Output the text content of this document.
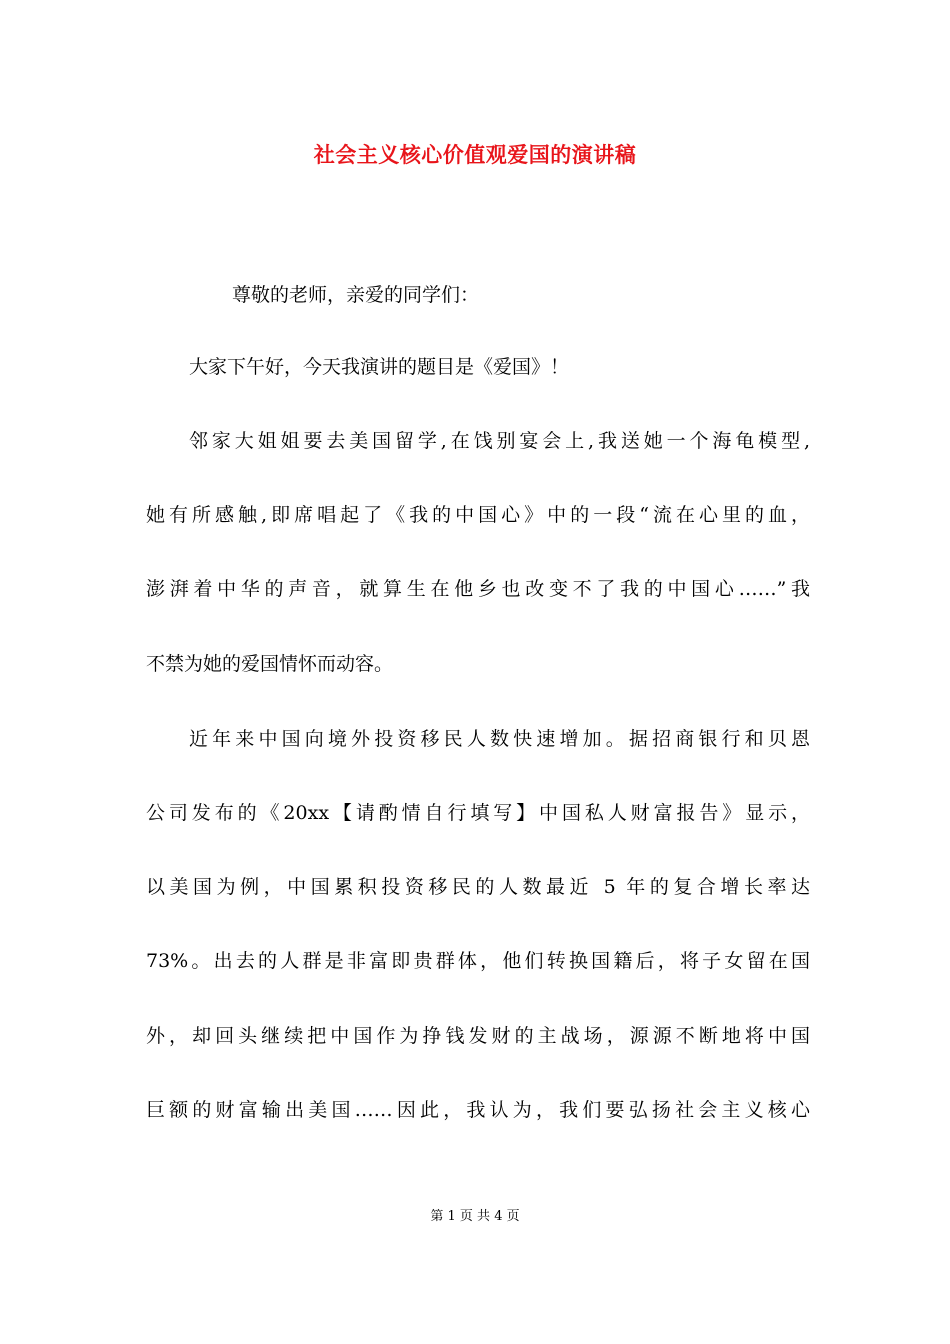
社会主义核心价值观爱国的演讲稿

尊敬的老师，亲爱的同学们：

大家下午好，今天我演讲的题目是《爱国》！

邻家大姐姐要去美国留学,在饯别宴会上,我送她一个海龟模型,

她有所感触,即席唱起了《我的中国心》中的一段“流在心里的血，

澎湃着中华的声音，就算生在他乡也改变不了我的中国心……”我

不禁为她的爱国情怀而动容。

近年来中国向境外投资移民人数快速增加。据招商银行和贝恩

公司发布的《20xx【请酌情自行填写】中国私人财富报告》显示，

以美国为例，中国累积投资移民的人数最近 5 年的复合增长率达

73%。出去的人群是非富即贵群体，他们转换国籍后，将子女留在国

外，却回头继续把中国作为挣钱发财的主战场，源源不断地将中国

巨额的财富输出美国……因此，我认为，我们要弘扬社会主义核心

第 1 页 共 4 页
